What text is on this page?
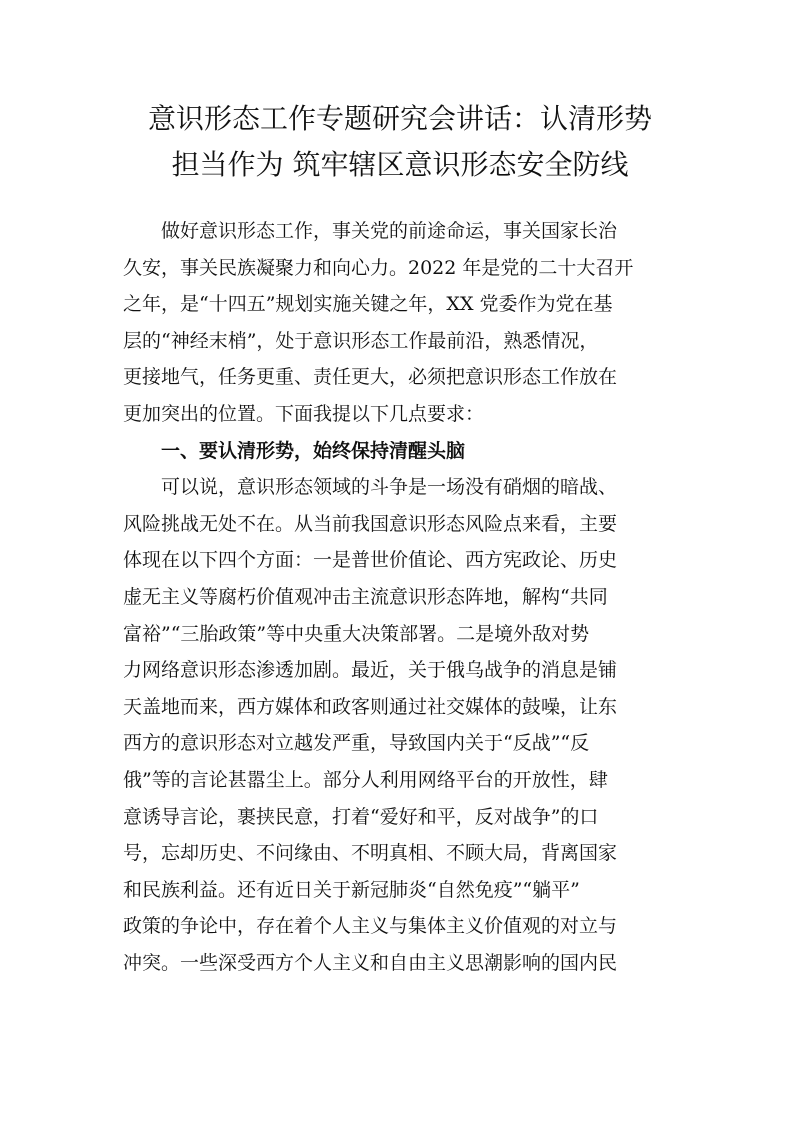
意识形态工作专题研究会讲话：认清形势
担当作为 筑牢辖区意识形态安全防线
　　做好意识形态工作，事关党的前途命运，事关国家长治
久安，事关民族凝聚力和向心力。2022 年是党的二十大召开
之年，是“十四五”规划实施关键之年，XX 党委作为党在基
层的“神经末梢”，处于意识形态工作最前沿，熟悉情况，
更接地气，任务更重、责任更大，必须把意识形态工作放在
更加突出的位置。下面我提以下几点要求：
　　一、要认清形势，始终保持清醒头脑
　　可以说，意识形态领域的斗争是一场没有硝烟的暗战、
风险挑战无处不在。从当前我国意识形态风险点来看，主要
体现在以下四个方面：一是普世价值论、西方宪政论、历史
虚无主义等腐朽价值观冲击主流意识形态阵地，解构“共同
富裕”“三胎政策”等中央重大决策部署。二是境外敌对势
力网络意识形态渗透加剧。最近，关于俄乌战争的消息是铺
天盖地而来，西方媒体和政客则通过社交媒体的鼓噪，让东
西方的意识形态对立越发严重，导致国内关于“反战”“反
俄”等的言论甚嚣尘上。部分人利用网络平台的开放性，肆
意诱导言论，裹挟民意，打着“爱好和平，反对战争”的口
号，忘却历史、不问缘由、不明真相、不顾大局，背离国家
和民族利益。还有近日关于新冠肺炎“自然免疫”“躺平”
政策的争论中，存在着个人主义与集体主义价值观的对立与
冲突。一些深受西方个人主义和自由主义思潮影响的国内民
